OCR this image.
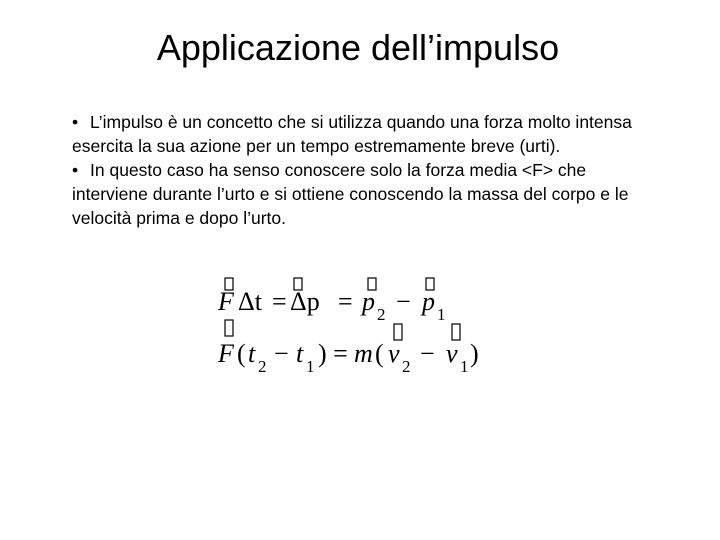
Applicazione dell’impulso

• L’impulso è un concetto che si utilizza quando una forza molto intensa esercita la sua azione per un tempo estremamente breve (urti).

• In questo caso ha senso conoscere solo la forza media <F> che interviene durante l’urto e si ottiene conoscendo la massa del corpo e le velocità prima e dopo l’urto.

F Δt = Δp = p 2 − p 1
F ( t 2 − t 1 ) = m ( v 2 − v 1 )
